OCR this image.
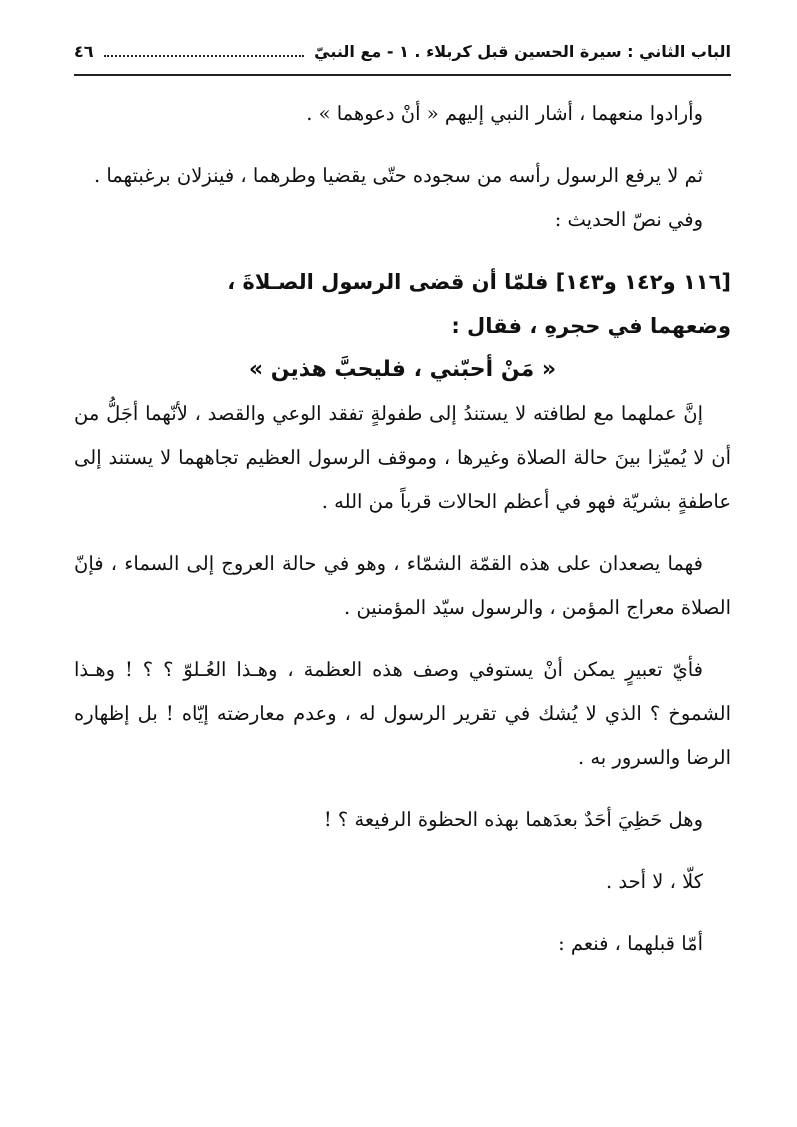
الباب الثاني : سيرة الحسين قبل كربلاء . ١ - مع النبيّ
٤٦

وأرادوا منعهما ، أشار النبي إليهم « أنْ دعوهما » .

ثم لا يرفع الرسول رأسه من سجوده حتّى يقضيا وطرهما ، فينزلان برغبتهما .

وفي نصّ الحديث :

[١١٦ و١٤٢ و١٤٣] فلمّا أن قضى الرسول الصـلاةَ ،

وضعهما في حجرهِ ، فقال :

« مَنْ أحبّني ، فليحبَّ هذين »

إنَّ عملهما مع لطافته لا يستندُ إلى طفولةٍ تفقد الوعي والقصد ، لأنّهما أجَلُّ من أن لا يُميّزا بينَ حالة الصلاة وغيرها ، وموقف الرسول العظيم تجاههما لا يستند إلى عاطفةٍ بشريّة فهو في أعظم الحالات قرباً من الله .

فهما يصعدان على هذه القمّة الشمّاء ، وهو في حالة العروج إلى السماء ، فإنّ الصلاة معراج المؤمن ، والرسول سيّد المؤمنين .

فأيّ تعبيرٍ يمكن أنْ يستوفي وصف هذه العظمة ، وهـذا العُـلوّ ؟ ؟ ! وهـذا الشموخ ؟ الذي لا يُشك في تقرير الرسول له ، وعدم معارضته إيّاه ! بل إظهاره الرضا والسرور به .

وهل حَظِيَ أحَدٌ بعدَهما بهذه الحظوة الرفيعة ؟ !

كلّا ، لا أحد .

أمّا قبلهما ، فنعم :
